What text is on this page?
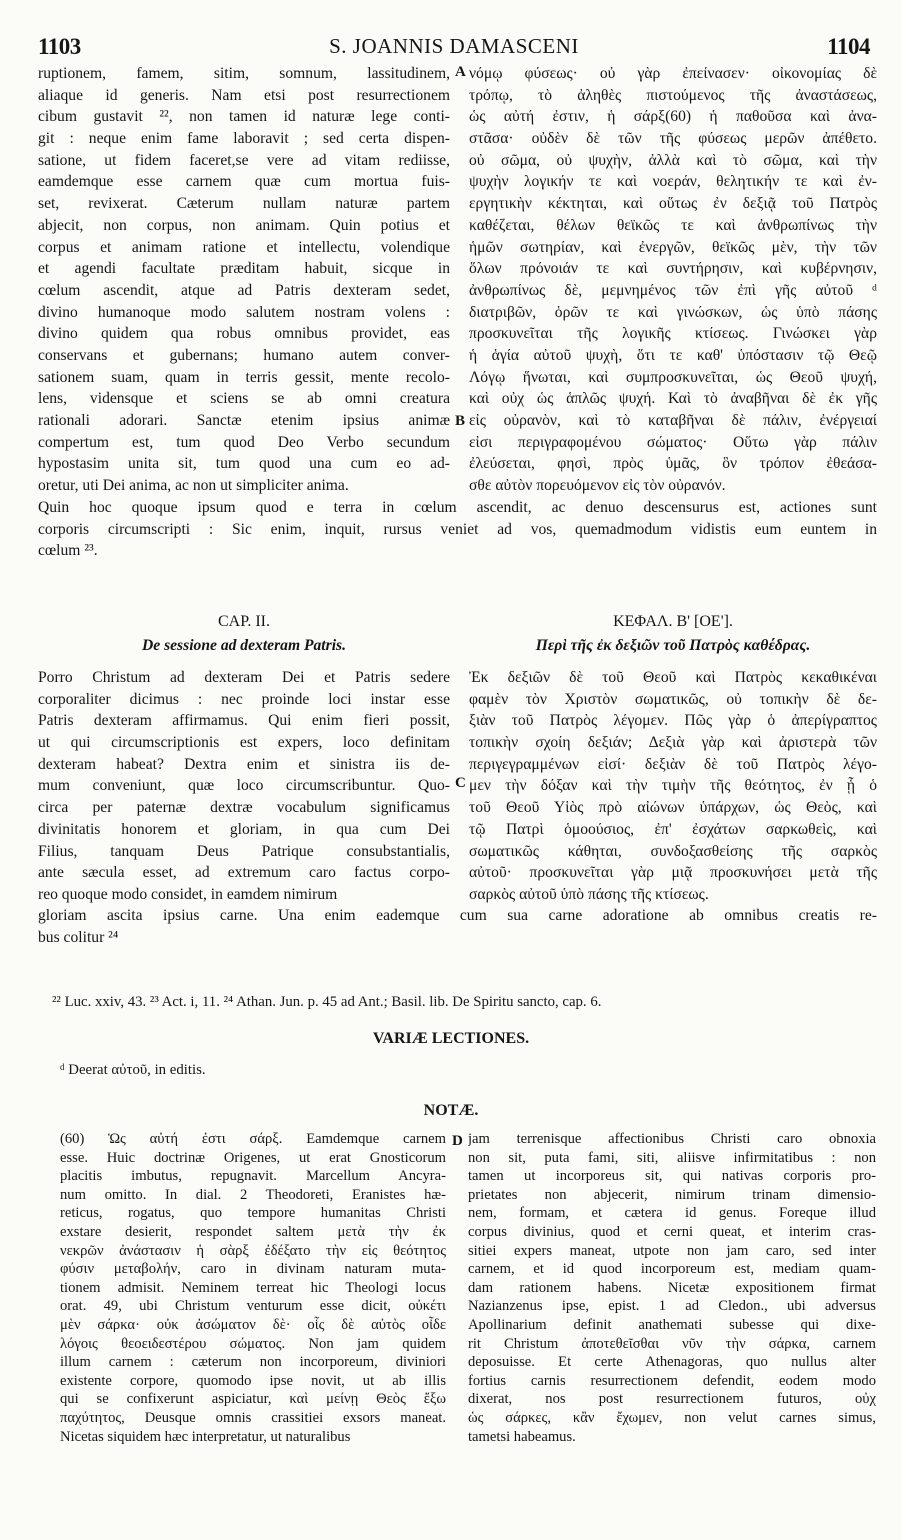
1103	S. JOANNIS DAMASCENI	1104
A
B
C
D
ruptionem, famem, sitim, somnum, lassitudinem,
aliaque id generis. Nam etsi post resurrectionem
cibum gustavit ²², non tamen id naturæ lege conti-
git : neque enim fame laboravit ; sed certa dispen-
satione, ut fidem faceret,se vere ad vitam rediisse,
eamdemque esse carnem quæ cum mortua fuis-
set, revixerat. Cæterum nullam naturæ partem
abjecit, non corpus, non animam. Quin potius et
corpus et animam ratione et intellectu, volendique
et agendi facultate præditam habuit, sicque in
cœlum ascendit, atque ad Patris dexteram sedet,
divino humanoque modo salutem nostram volens :
divino quidem qua robus omnibus providet, eas
conservans et gubernans; humano autem conver-
sationem suam, quam in terris gessit, mente recolo-
lens, vidensque et sciens se ab omni creatura
rationali adorari. Sanctæ etenim ipsius animæ
compertum est, tum quod Deo Verbo secundum
hypostasim unita sit, tum quod una cum eo ad-
oretur, uti Dei anima, ac non ut simpliciter anima.
νόμῳ φύσεως· οὐ γὰρ ἐπείνασεν· οἰκονομίας δὲ
τρόπῳ, τὸ ἀληθὲς πιστούμενος τῆς ἀναστάσεως,
ὡς αὐτή ἐστιν, ἡ σάρξ(60) ἡ παθοῦσα καὶ ἀνα-
στᾶσα· οὐδὲν δὲ τῶν τῆς φύσεως μερῶν ἀπέθετο.
οὐ σῶμα, οὐ ψυχὴν, ἀλλὰ καὶ τὸ σῶμα, καὶ τὴν
ψυχὴν λογικήν τε καὶ νοεράν, θελητικήν τε καὶ ἐν-
εργητικὴν κέκτηται, καὶ οὕτως ἐν δεξιᾷ τοῦ Πατρὸς
καθέζεται, θέλων θεϊκῶς τε καὶ ἀνθρωπίνως τὴν
ἡμῶν σωτηρίαν, καὶ ἐνεργῶν, θεϊκῶς μὲν, τὴν τῶν
ὅλων πρόνοιάν τε καὶ συντήρησιν, καὶ κυβέρνησιν,
ἀνθρωπίνως δὲ, μεμνημένος τῶν ἐπὶ γῆς αὐτοῦ ᵈ
διατριβῶν, ὁρῶν τε καὶ γινώσκων, ὡς ὑπὸ πάσης
προσκυνεῖται τῆς λογικῆς κτίσεως. Γινώσκει γὰρ
ἡ ἁγία αὐτοῦ ψυχὴ, ὅτι τε καθ' ὑπόστασιν τῷ Θεῷ
Λόγῳ ἥνωται, καὶ συμπροσκυνεῖται, ὡς Θεοῦ ψυχή,
καὶ οὐχ ὡς ἁπλῶς ψυχή. Καὶ τὸ ἀναβῆναι δὲ ἐκ γῆς
εἰς οὐρανὸν, καὶ τὸ καταβῆναι δὲ πάλιν, ἐνέργειαί
εἰσι περιγραφομένου σώματος· Οὕτω γὰρ πάλιν
ἐλεύσεται, φησὶ, πρὸς ὑμᾶς, ὃν τρόπον ἐθεάσα-
σθε αὐτὸν πορευόμενον εἰς τὸν οὐρανόν.
Quin hoc quoque ipsum quod e terra in cœlum ascendit, ac denuo descensurus est, actiones sunt
corporis circumscripti : Sic enim, inquit, rursus veniet ad vos, quemadmodum vidistis eum euntem in
cœlum ²³.
CAP. II.
De sessione ad dexteram Patris.
ΚΕΦΑΛ. Β' [ΟΕ'].
Περὶ τῆς ἐκ δεξιῶν τοῦ Πατρὸς καθέδρας.
Porro Christum ad dexteram Dei et Patris sedere
corporaliter dicimus : nec proinde loci instar esse
Patris dexteram affirmamus. Qui enim fieri possit,
ut qui circumscriptionis est expers, loco definitam
dexteram habeat? Dextra enim et sinistra iis de-
mum conveniunt, quæ loco circumscribuntur. Quo-
circa per paternæ dextræ vocabulum significamus
divinitatis honorem et gloriam, in qua cum Dei
Filius, tanquam Deus Patrique consubstantialis,
ante sæcula esset, ad extremum caro factus corpo-
reo quoque modo considet, in eamdem nimirum
Ἐκ δεξιῶν δὲ τοῦ Θεοῦ καὶ Πατρὸς κεκαθικέναι
φαμὲν τὸν Χριστὸν σωματικῶς, οὐ τοπικὴν δὲ δε-
ξιὰν τοῦ Πατρὸς λέγομεν. Πῶς γὰρ ὁ ἀπερίγραπτος
τοπικὴν σχοίη δεξιάν; Δεξιὰ γὰρ καὶ ἀριστερὰ τῶν
περιγεγραμμένων εἰσί· δεξιὰν δὲ τοῦ Πατρὸς λέγο-
μεν τὴν δόξαν καὶ τὴν τιμὴν τῆς θεότητος, ἐν ᾗ ὁ
τοῦ Θεοῦ Υἱὸς πρὸ αἰώνων ὑπάρχων, ὡς Θεὸς, καὶ
τῷ Πατρὶ ὁμοούσιος, ἐπ' ἐσχάτων σαρκωθεὶς, καὶ
σωματικῶς κάθηται, συνδοξασθείσης τῆς σαρκὸς
αὐτοῦ· προσκυνεῖται γὰρ μιᾷ προσκυνήσει μετὰ τῆς
σαρκὸς αὐτοῦ ὑπὸ πάσης τῆς κτίσεως.
gloriam ascita ipsius carne. Una enim eademque cum sua carne adoratione ab omnibus creatis re-
bus colitur ²⁴
²² Luc. xxiv, 43. ²³ Act. i, 11. ²⁴ Athan. Jun. p. 45 ad Ant.; Basil. lib. De Spiritu sancto, cap. 6.
VARIÆ LECTIONES.
ᵈ Deerat αὐτοῦ, in editis.
NOTÆ.
(60) Ὡς αὐτή ἐστι σάρξ. Eamdemque carnem
esse. Huic doctrinæ Origenes, ut erat Gnosticorum
placitis imbutus, repugnavit. Marcellum Ancyra-
num omitto. In dial. 2 Theodoreti, Eranistes hæ-
reticus, rogatus, quo tempore humanitas Christi
exstare desierit, respondet saltem μετὰ τὴν ἐκ
νεκρῶν ἀνάστασιν ἡ σὰρξ ἐδέξατο τὴν εἰς θεότητος
φύσιν μεταβολήν, caro in divinam naturam muta-
tionem admisit. Neminem terreat hic Theologi locus
orat. 49, ubi Christum venturum esse dicit, οὐκέτι
μὲν σάρκα· οὐκ ἀσώματον δὲ· οἷς δὲ αὐτὸς οἶδε
λόγοις θεοειδεστέρου σώματος. Non jam quidem
illum carnem : cæterum non incorporeum, diviniori
existente corpore, quomodo ipse novit, ut ab illis
qui se confixerunt aspiciatur, καὶ μείνῃ Θεὸς ἔξω
παχύτητος, Deusque omnis crassitiei exsors maneat.
Nicetas siquidem hæc interpretatur, ut naturalibus
jam terrenisque affectionibus Christi caro obnoxia
non sit, puta fami, siti, aliisve infirmitatibus : non
tamen ut incorporeus sit, qui nativas corporis pro-
prietates non abjecerit, nimirum trinam dimensio-
nem, formam, et cætera id genus. Foreque illud
corpus divinius, quod et cerni queat, et interim cras-
sitiei expers maneat, utpote non jam caro, sed inter
carnem, et id quod incorporeum est, mediam quam-
dam rationem habens. Nicetæ expositionem firmat
Nazianzenus ipse, epist. 1 ad Cledon., ubi adversus
Apollinarium definit anathemati subesse qui dixe-
rit Christum ἀποτεθεῖσθαι νῦν τὴν σάρκα, carnem
deposuisse. Et certe Athenagoras, quo nullus alter
fortius carnis resurrectionem defendit, eodem modo
dixerat, nos post resurrectionem futuros, οὐχ
ὡς σάρκες, κἂν ἔχωμεν, non velut carnes simus,
tametsi habeamus.
